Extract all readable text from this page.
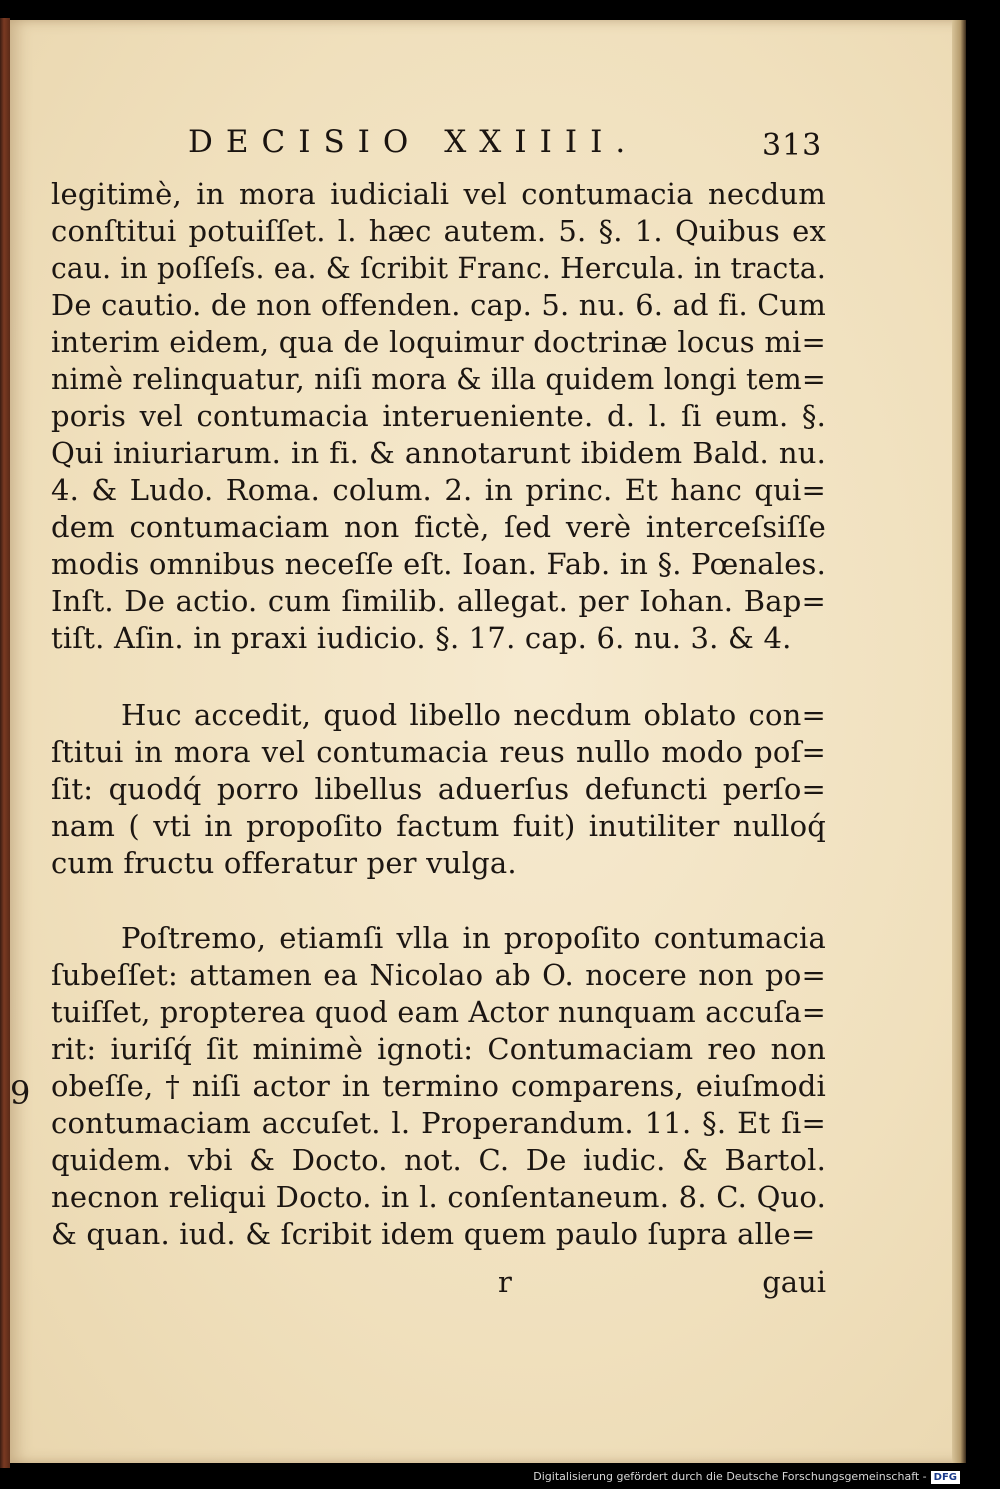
DECISIO XXIIII.	313
legitimè, in mora iudiciali vel contumacia necdum
conſtitui potuiſſet. l. hæc autem. 5. §. 1. Quibus ex
cau. in poſſeſs. ea. & ſcribit Franc. Hercula. in tracta.
De cautio. de non offenden. cap. 5. nu. 6. ad fi. Cum
interim eidem, qua de loquimur doctrinæ locus mi=
nimè relinquatur, niſi mora & illa quidem longi tem=
poris vel contumacia interueniente. d. l. ſi eum. §.
Qui iniuriarum. in fi. & annotarunt ibidem Bald. nu.
4. & Ludo. Roma. colum. 2. in princ. Et hanc qui=
dem contumaciam non fictè, ſed verè interceſsiſſe
modis omnibus neceſſe eſt. Ioan. Fab. in §. Pœnales.
Inſt. De actio. cum ſimilib. allegat. per Iohan. Bap=
tiſt. Aſin. in praxi iudicio. §. 17. cap. 6. nu. 3. & 4.
Huc accedit, quod libello necdum oblato con=
ſtitui in mora vel contumacia reus nullo modo poſ=
ſit: quodq́ porro libellus aduerſus defuncti perſo=
nam ( vti in propoſito factum fuit) inutiliter nulloq́
cum fructu offeratur per vulga.
Poſtremo, etiamſi vlla in propoſito contumacia
ſubeſſet: attamen ea Nicolao ab O. nocere non po=
tuiſſet, propterea quod eam Actor nunquam accuſa=
rit: iuriſq́ ſit minimè ignoti: Contumaciam reo non
obeſſe, † niſi actor in termino comparens, eiuſmodi
contumaciam accuſet. l. Properandum. 11. §. Et ſi=
quidem. vbi & Docto. not. C. De iudic. & Bartol.
necnon reliqui Docto. in l. conſentaneum. 8. C. Quo.
& quan. iud. & ſcribit idem quem paulo ſupra alle=
9
r	gaui
Digitalisierung gefördert durch die Deutsche Forschungsgemeinschaft - DFG
